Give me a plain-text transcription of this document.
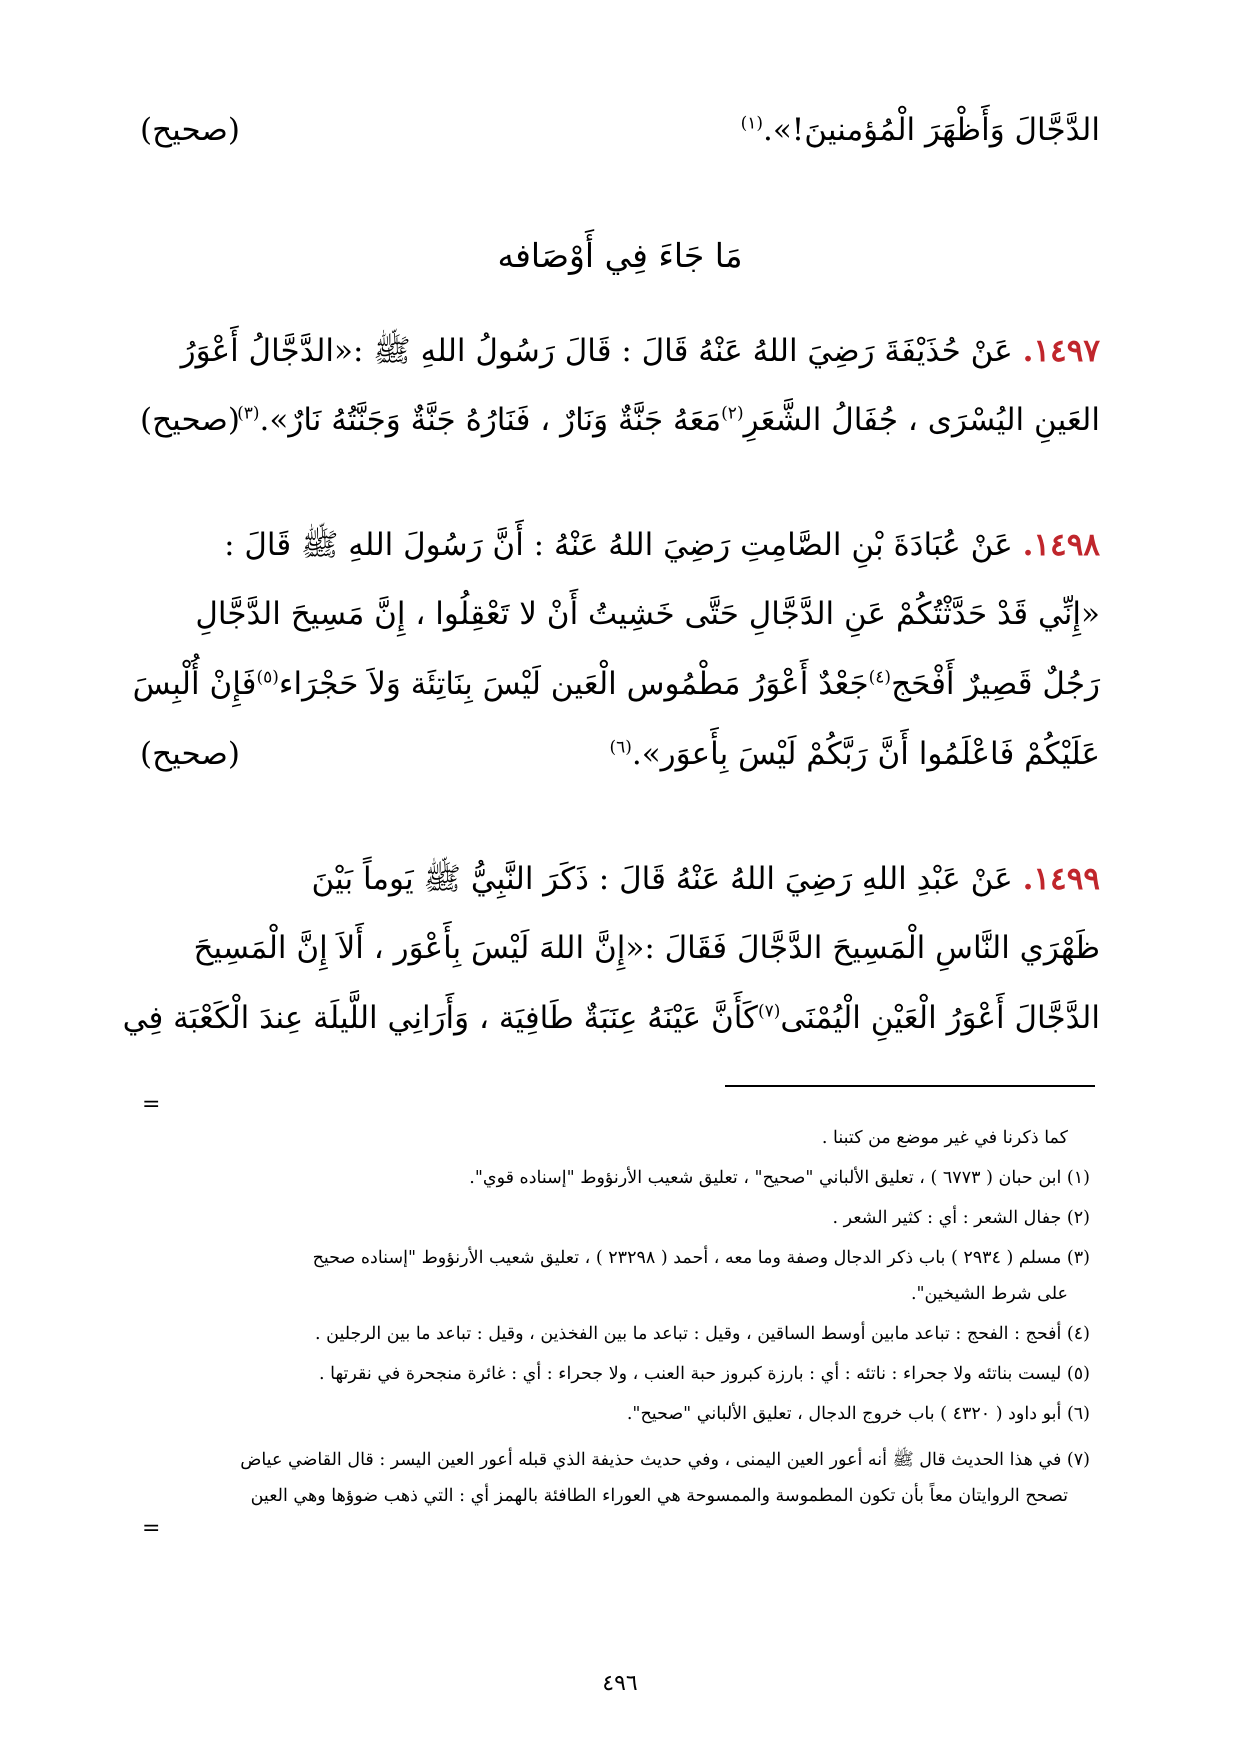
الدَّجَّالَ وَأَظْهَرَ الْمُؤمنينَ!».$^{(١)}$
( صحيح )
مَا جَاءَ فِي أَوْصَافه
١٤٩٧. عَنْ حُذَيْفَةَ رَضِيَ اللهُ عَنْهُ قَالَ : قَالَ رَسُولُ اللهِ ﷺ :«الدَّجَّالُ أَعْوَرُ
العَينِ اليُسْرَى ، جُفَالُ الشَّعَرِ$^{(٢)}$مَعَهُ جَنَّةٌ وَنَارٌ ، فَنَارُهُ جَنَّةٌ وَجَنَّتُهُ نَارٌ».$^{(٣)}$
( صحيح )
١٤٩٨. عَنْ عُبَادَةَ بْنِ الصَّامِتِ رَضِيَ اللهُ عَنْهُ : أَنَّ رَسُولَ اللهِ ﷺ قَالَ :
«إِنِّي قَدْ حَدَّثْتُكُمْ عَنِ الدَّجَّالِ حَتَّى خَشِيتُ أَنْ لا تَعْقِلُوا ، إِنَّ مَسِيحَ الدَّجَّالِ
رَجُلٌ قَصِيرٌ أَفْحَج$^{(٤)}$جَعْدٌ أَعْوَرُ مَطْمُوس الْعَين لَيْسَ بِنَاتِئَة وَلاَ حَجْرَاء$^{(٥)}$فَإِنْ أُلْبِسَ
عَلَيْكُمْ فَاعْلَمُوا أَنَّ رَبَّكُمْ لَيْسَ بِأَعوَر».$^{(٦)}$
( صحيح )
١٤٩٩. عَنْ عَبْدِ اللهِ رَضِيَ اللهُ عَنْهُ قَالَ : ذَكَرَ النَّبِيُّ ﷺ يَوماً بَيْنَ
ظَهْرَي النَّاسِ الْمَسِيحَ الدَّجَّالَ فَقَالَ :«إِنَّ اللهَ لَيْسَ بِأَعْوَر ، أَلاَ إِنَّ الْمَسِيحَ
الدَّجَّالَ أَعْوَرُ الْعَيْنِ الْيُمْنَى$^{(٧)}$كَأَنَّ عَيْنَهُ عِنَبَةٌ طَافِيَة ، وَأَرَانِي اللَّيلَة عِندَ الْكَعْبَة فِي
=
كما ذكرنا في غير موضع من كتبنا .
(١) ابن حبان ( ٦٧٧٣ ) ، تعليق الألباني "صحيح" ، تعليق شعيب الأرنؤوط "إسناده قوي".
(٢) جفال الشعر : أي : كثير الشعر .
(٣) مسلم ( ٢٩٣٤ ) باب ذكر الدجال وصفة وما معه ، أحمد ( ٢٣٢٩٨ ) ، تعليق شعيب الأرنؤوط "إسناده صحيح
على شرط الشيخين".
(٤) أفحج : الفحج : تباعد مابين أوسط الساقين ، وقيل : تباعد ما بين الفخذين ، وقيل : تباعد ما بين الرجلين .
(٥) ليست بناتئه ولا جحراء : ناتئه : أي : بارزة كبروز حبة العنب ، ولا جحراء : أي : غائرة منجحرة في نقرتها .
(٦) أبو داود ( ٤٣٢٠ ) باب خروج الدجال ، تعليق الألباني "صحيح".
(٧) في هذا الحديث قال ﷺ أنه أعور العين اليمنى ، وفي حديث حذيفة الذي قبله أعور العين اليسر : قال القاضي عياض
تصحح الروايتان معاً بأن تكون المطموسة والممسوحة هي العوراء الطافئة بالهمز أي : التي ذهب ضوؤها وهي العين
=
٤٩٦
